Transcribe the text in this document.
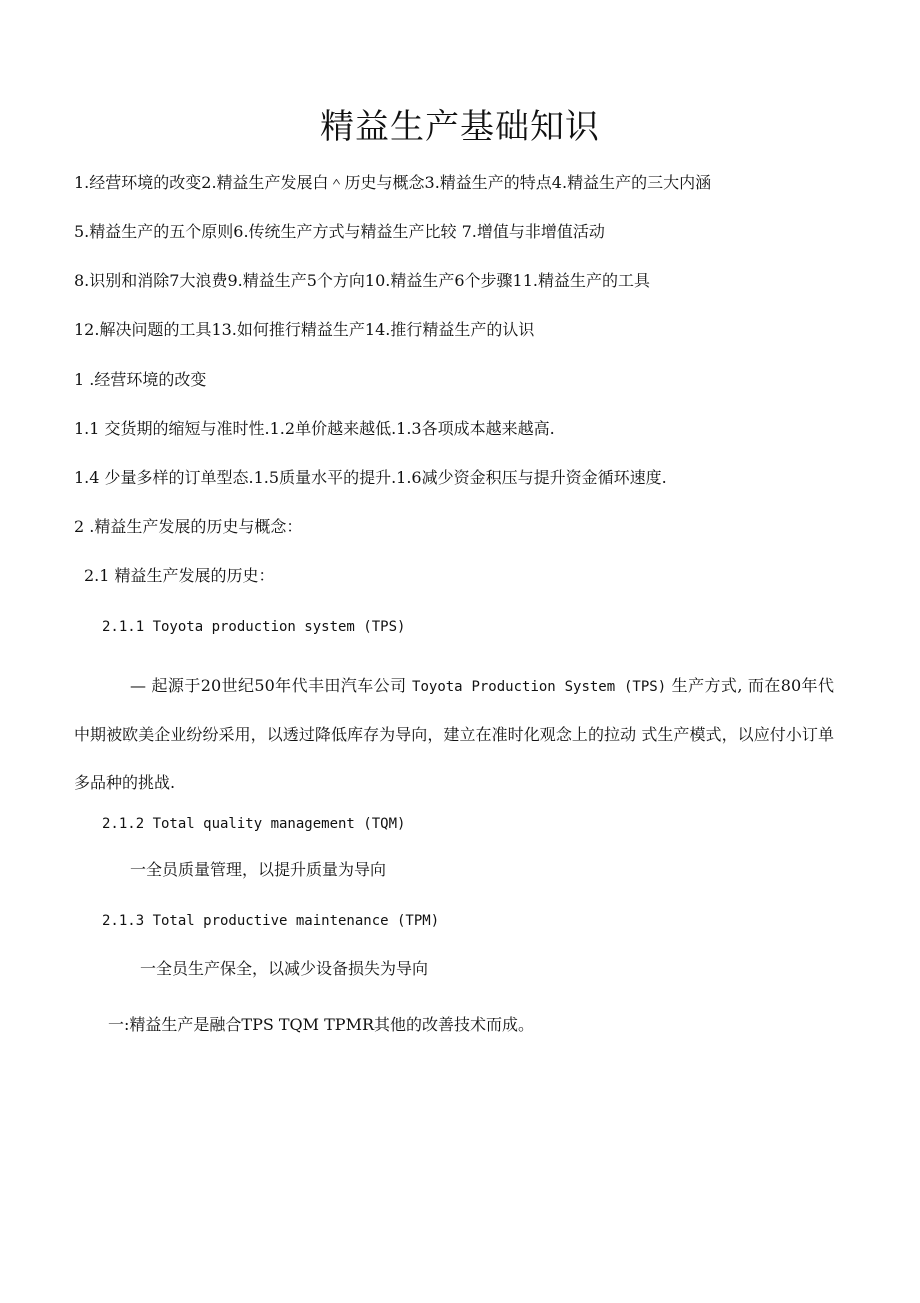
精益生产基础知识
1.经营环境的改变2.精益生产发展白＾历史与概念3.精益生产的特点4.精益生产的三大内涵
5.精益生产的五个原则6.传统生产方式与精益生产比较 7.增值与非增值活动
8.识别和消除7大浪费9.精益生产5个方向10.精益生产6个步骤11.精益生产的工具
12.解决问题的工具13.如何推行精益生产14.推行精益生产的认识
1 .经营环境的改变
1.1 交货期的缩短与准时性.1.2单价越来越低.1.3各项成本越来越高.
1.4 少量多样的订单型态.1.5质量水平的提升.1.6减少资金积压与提升资金循环速度.
2 .精益生产发展的历史与概念：
2.1 精益生产发展的历史：
2.1.1 Toyota production system (TPS)
— 起源于20世纪50年代丰田汽车公司 Toyota Production System (TPS) 生产方式, 而在80年代中期被欧美企业纷纷采用，以透过降低库存为导向，建立在准时化观念上的拉动 式生产模式，以应付小订单多品种的挑战.
2.1.2 Total quality management (TQM)
一全员质量管理，以提升质量为导向
2.1.3 Total productive maintenance (TPM)
一全员生产保全，以减少设备损失为导向
一:精益生产是融合TPS TQM TPMR其他的改善技术而成。
